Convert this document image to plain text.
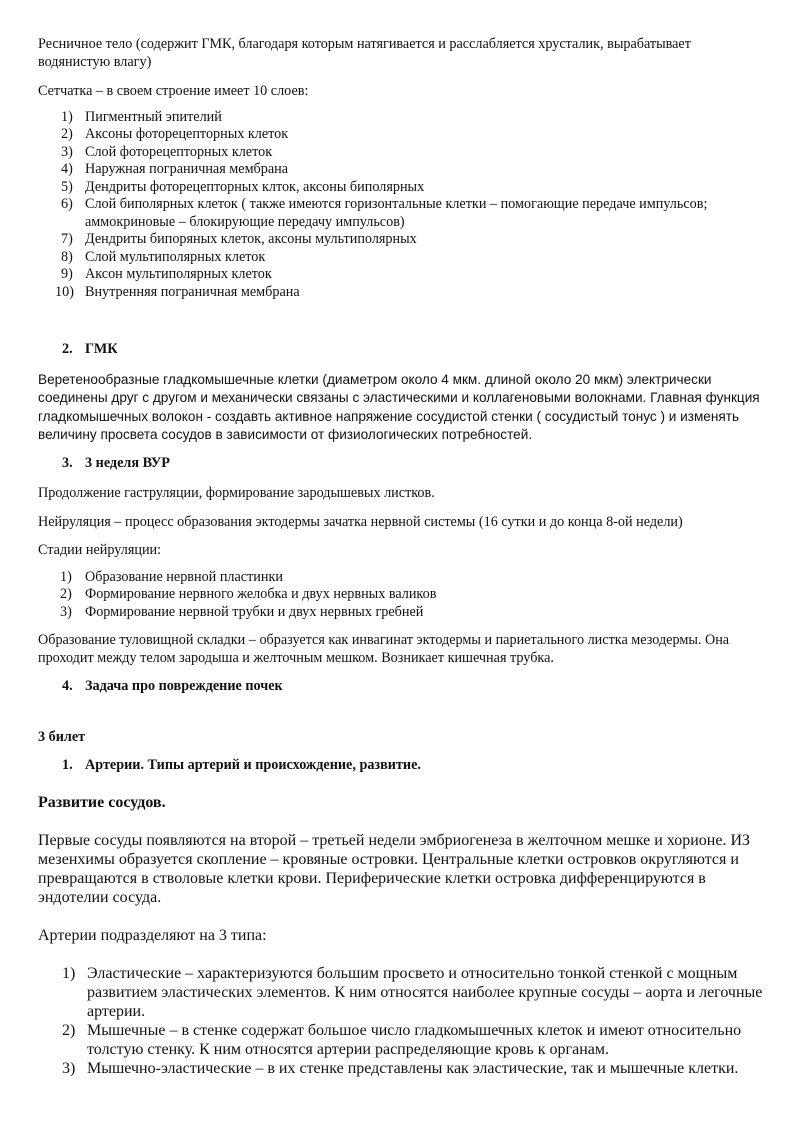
Ресничное тело (содержит ГМК, благодаря которым натягивается и расслабляется хрусталик, вырабатывает водянистую влагу)

Сетчатка – в своем строение имеет 10 слоев:

1) Пигментный эпителий
2) Аксоны фоторецепторных клеток
3) Слой фоторецепторных клеток
4) Наружная пограничная мембрана
5) Дендриты фоторецепторных клток, аксоны биполярных
6) Слой биполярных клеток ( также имеются горизонтальные клетки – помогающие передаче импульсов; аммокриновые – блокирующие передачу импульсов)
7) Дендриты бипоряных клеток, аксоны мультиполярных
8) Слой мультиполярных клеток
9) Аксон мультиполярных клеток
10) Внутренняя пограничная мембрана
2. ГМК

Веретенообразные гладкомышечные клетки (диаметром около 4 мкм. длиной около 20 мкм) электрически соединены друг с другом и механически связаны с эластическими и коллагеновыми волокнами. Главная функция гладкомышечных волокон - создавть активное напряжение сосудистой стенки ( сосудистый тонус ) и изменять величину просвета сосудов в зависимости от физиологических потребностей.

3. 3 неделя ВУР

Продолжение гаструляции, формирование зародышевых листков.

Нейруляция – процесс образования эктодермы зачатка нервной системы (16 сутки и до конца 8-ой недели)

Стадии нейруляции:

1) Образование нервной пластинки
2) Формирование нервного желобка и двух нервных валиков
3) Формирование нервной трубки и двух нервных гребней

Образование туловищной складки – образуется как инвагинат эктодермы и париетального листка мезодермы. Она проходит между телом зародыша и желточным мешком. Возникает кишечная трубка.

4. Задача про повреждение почек

3 билет

1. Артерии. Типы артерий и происхождение, развитие.

Развитие сосудов.

Первые сосуды появляются на второй – третьей недели эмбриогенеза в желточном мешке и хорионе. ИЗ мезенхимы образуется скопление – кровяные островки. Центральные клетки островков округляются и превращаются в стволовые клетки крови. Периферические клетки островка дифференцируются в эндотелии сосуда.

Артерии подразделяют на 3 типа:

1) Эластические – характеризуются большим просвето и относительно тонкой стенкой с мощным развитием эластических элементов. К ним относятся наиболее крупные сосуды – аорта и легочные артерии.
2) Мышечные – в стенке содержат большое число гладкомышечных клеток и имеют относительно толстую стенку. К ним относятся артерии распределяющие кровь к органам.
3) Мышечно-эластические – в их стенке представлены как эластические, так и мышечные клетки.
